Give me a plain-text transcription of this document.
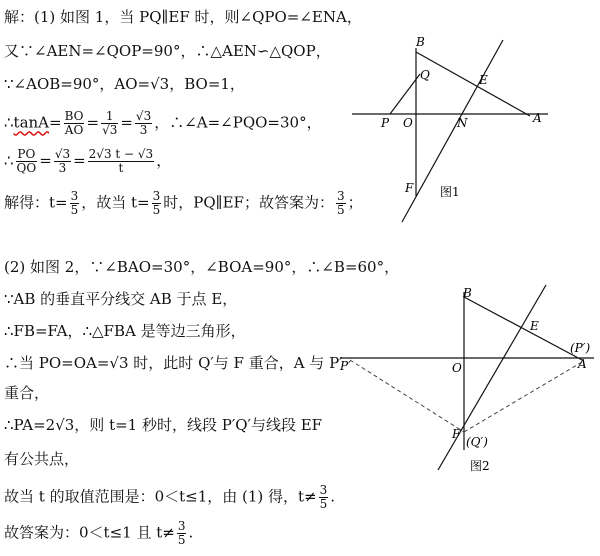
解：(1) 如图 1，当 PQ∥EF 时，则∠QPO=∠ENA，
又∵∠AEN=∠QOP=90°，∴△AEN∽△QOP，
∵∠AOB=90°，AO=√3，BO=1，
∴tanA= $\frac{BO}{AO} = \frac{1}{√3} = \frac{√3}{3}$ ，∴∠A=∠PQO=30°，
∴ $\frac{PO}{QO} = \frac{√3}{3} = \frac{2√3 t - √3}{t}$ ，
解得：$t= \frac{3}{5}$ ，故当 $t= \frac{3}{5}$ 时，PQ∥EF；故答案为： $\frac{3}{5}$ ；
(2) 如图 2，∵∠BAO=30°，∠BOA=90°，∴∠B=60°，
∵AB 的垂直平分线交 AB 于点 E，
∴FB=FA，∴△FBA 是等边三角形，
∴当 PO=OA=√3 时，此时 Q′与 F 重合，A 与 P′
重合，
∴PA=2√3，则 t=1 秒时，线段 P′Q′与线段 EF
有公共点，
故当 t 的取值范围是：0＜t≤1，由 (1) 得，$t\ne \frac{3}{5}$ .
故答案为：0＜t≤1 且 $t\ne \frac{3}{5}$ .
B
Q	E
P O	N	A
F 图1
B
E
(P′)
P′	O	A
F
(Q′)
图2
